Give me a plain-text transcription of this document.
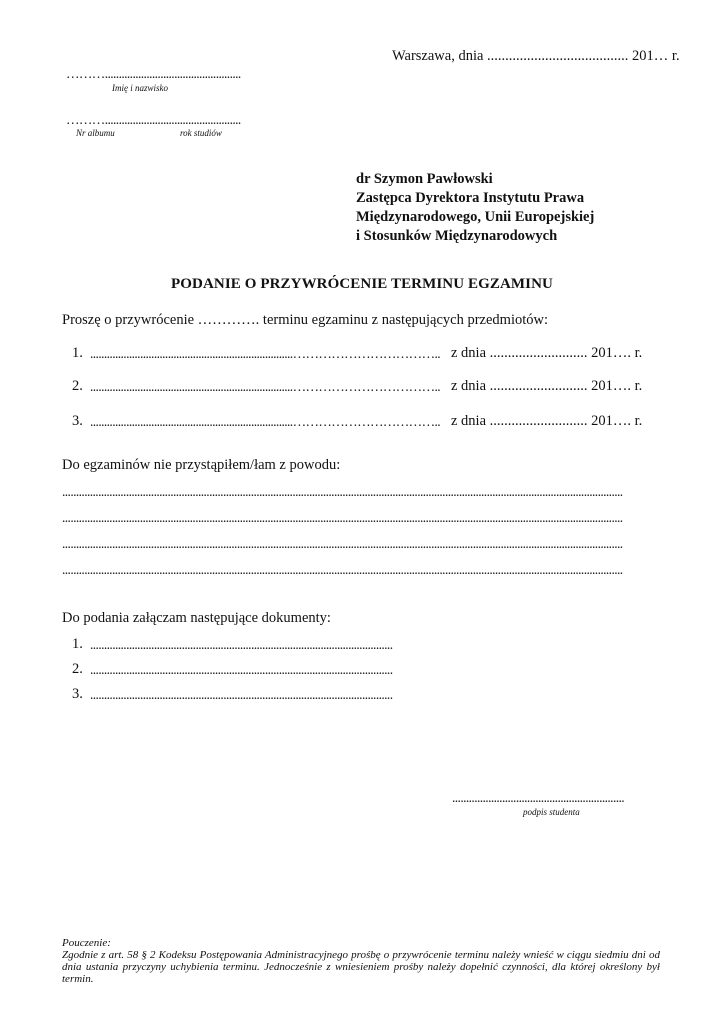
Warszawa, dnia ....................................... 201… r.
……….................................................
Imię i nazwisko
……….................................................
Nr albumu	rok studiów
dr Szymon Pawłowski
Zastępca Dyrektora Instytutu Prawa
Międzynarodowego, Unii Europejskiej
i Stosunków Międzynarodowych
PODANIE O PRZYWRÓCENIE TERMINU EGZAMINU
Proszę o przywrócenie …………. terminu egzaminu z następujących przedmiotów:
1. .........................................................................…………………………….. z dnia ........................... 201…. r.
2. .........................................................................…………………………….. z dnia ........................... 201…. r.
3. .........................................................................…………………………….. z dnia ........................... 201…. r.
Do egzaminów nie przystąpiłem/łam z powodu:
..........................................................................................................................................................................................................
..........................................................................................................................................................................................................
..........................................................................................................................................................................................................
..........................................................................................................................................................................................................
Do podania załączam następujące dokumenty:
1. .............................................................................................................
2. .............................................................................................................
3. .............................................................................................................
..............................................................
podpis studenta
Pouczenie:
Zgodnie z art. 58 § 2 Kodeksu Postępowania Administracyjnego prośbę o przywrócenie terminu należy wnieść w ciągu siedmiu dni od dnia ustania przyczyny uchybienia terminu. Jednocześnie z wniesieniem prośby należy dopełnić czynności, dla której określony był termin.
